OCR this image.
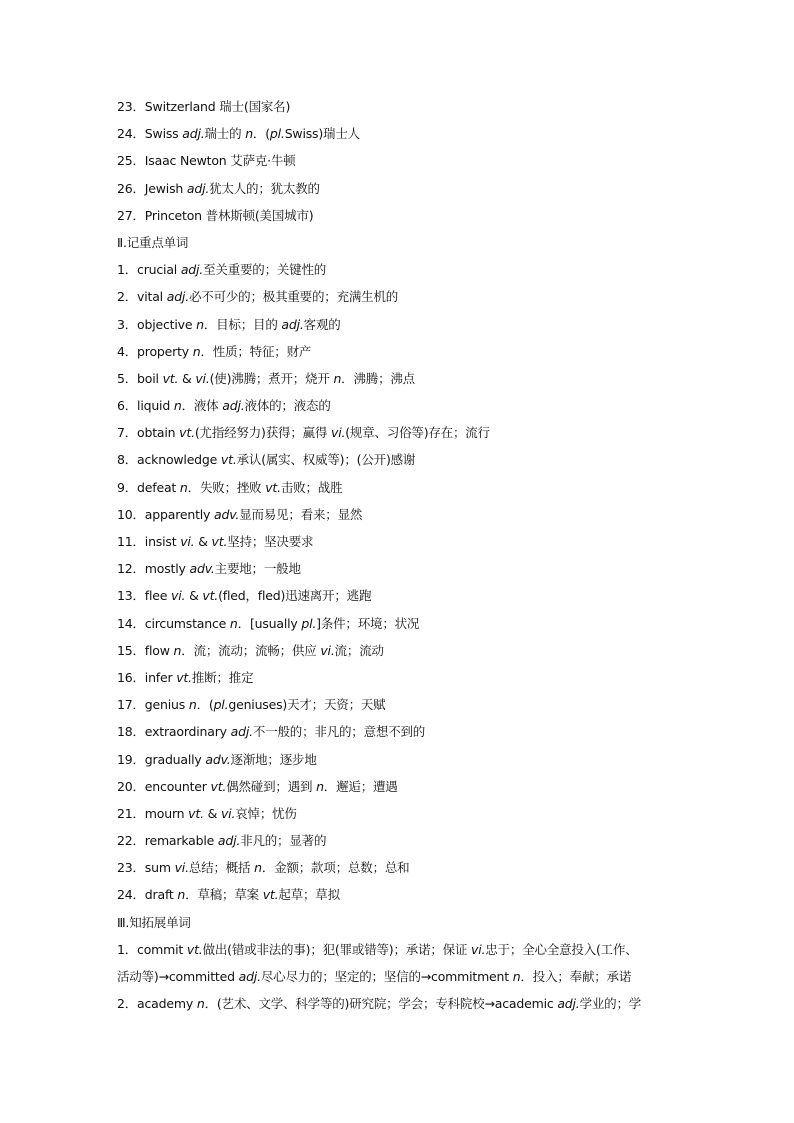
23．Switzerland 瑞士(国家名)
24．Swiss adj.瑞士的 n．(pl.Swiss)瑞士人
25．Isaac Newton 艾萨克·牛顿
26．Jewish adj.犹太人的；犹太教的
27．Princeton 普林斯顿(美国城市)
Ⅱ.记重点单词
1．crucial adj.至关重要的；关键性的
2．vital adj.必不可少的；极其重要的；充满生机的
3．objective n．目标；目的 adj.客观的
4．property n．性质；特征；财产
5．boil vt. & vi.(使)沸腾；煮开；烧开 n．沸腾；沸点
6．liquid n．液体 adj.液体的；液态的
7．obtain vt.(尤指经努力)获得；赢得 vi.(规章、习俗等)存在；流行
8．acknowledge vt.承认(属实、权威等)；(公开)感谢
9．defeat n．失败；挫败 vt.击败；战胜
10．apparently adv.显而易见；看来；显然
11．insist vi. & vt.坚持；坚决要求
12．mostly adv.主要地；一般地
13．flee vi. & vt.(fled，fled)迅速离开；逃跑
14．circumstance n．[usually pl.]条件；环境；状况
15．flow n．流；流动；流畅；供应 vi.流；流动
16．infer vt.推断；推定
17．genius n．(pl.geniuses)天才；天资；天赋
18．extraordinary adj.不一般的；非凡的；意想不到的
19．gradually adv.逐渐地；逐步地
20．encounter vt.偶然碰到；遇到 n．邂逅；遭遇
21．mourn vt. & vi.哀悼；忧伤
22．remarkable adj.非凡的；显著的
23．sum vi.总结；概括 n．金额；款项；总数；总和
24．draft n．草稿；草案 vt.起草；草拟
Ⅲ.知拓展单词
1．commit vt.做出(错或非法的事)；犯(罪或错等)；承诺；保证 vi.忠于；全心全意投入(工作、
活动等)→committed adj.尽心尽力的；坚定的；坚信的→commitment n．投入；奉献；承诺
2．academy n．(艺术、文学、科学等的)研究院；学会；专科院校→academic adj.学业的；学
